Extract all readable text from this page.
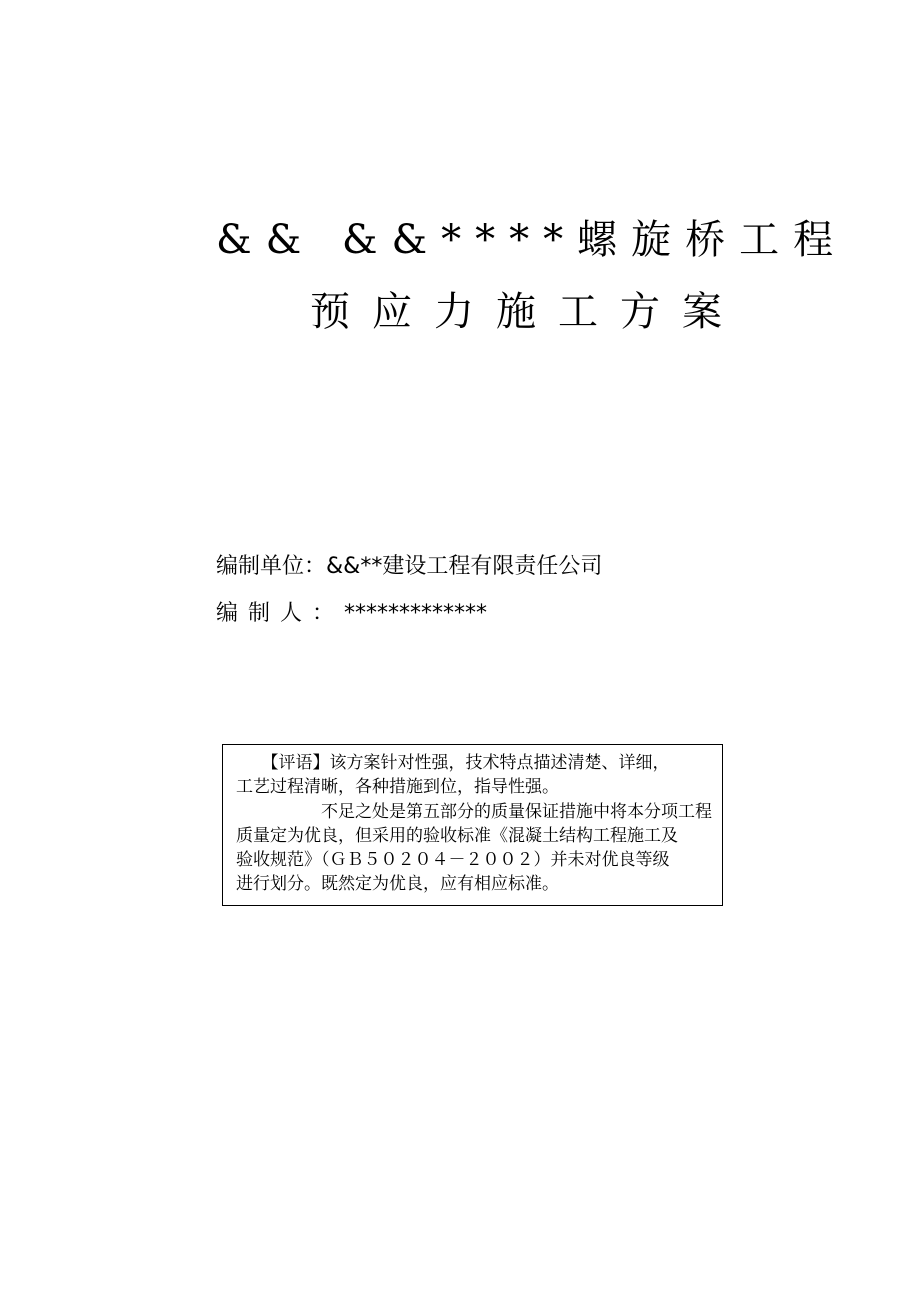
&& &&****螺旋桥工程
预应力施工方案
编制单位：&&**建设工程有限责任公司
编制人：*************
　　【评语】该方案针对性强，技术特点描述清楚、详细，
工艺过程清晰，各种措施到位，指导性强。
　　　　　不足之处是第五部分的质量保证措施中将本分项工程
质量定为优良，但采用的验收标准《混凝土结构工程施工及
验收规范》（ＧＢ５０２０４－２００２）并未对优良等级
进行划分。既然定为优良，应有相应标准。
